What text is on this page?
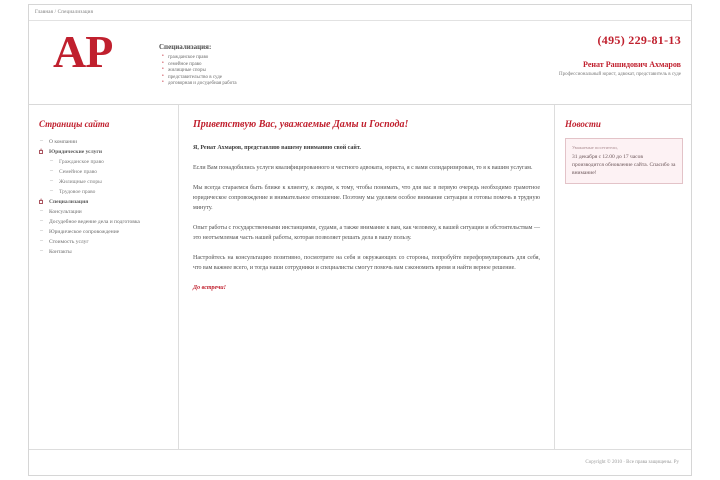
Главная / Специализация
АР	Специализация:
• гражданское право
• семейное право
• жилищные споры
• представительство в суде
• договорная и досудебная работа
(495) 229-81-13
Ренат Рашидович Ахмаров
Профессиональный юрист, адвокат, представитель в суде
Страницы сайта
– О компании
Юридические услуги +
– Гражданское право
– Семейное право
– Жилищные споры
– Трудовое право
Специализация +
– Консультации
– Досудебное ведение дела и подготовка
– Юридическое сопровождение
– Стоимость услуг
– Контакты
Приветствую Вас, уважаемые Дамы и Господа!

Я, Ренат Ахмаров, представляю вашему вниманию свой сайт.

Если Вам понадобились услуги квалифицированного и честного адвоката, юриста, я с вами солидаризирован, то я к вашим услугам.

Мы всегда стараемся быть ближе к клиенту, к людям, к тому, чтобы понимать, что для вас в первую очередь необходимо грамотное юридическое сопровождение и внимательное отношение. Поэтому мы уделяем особое внимание ситуации и готовы помочь в трудную минуту.

Опыт работы с государственными инстанциями, судами, а также внимание к вам, как человеку, к вашей ситуации и обстоятельствам — это неотъемлемая часть нашей работы, которая позволяет решать дела в вашу пользу.

Настройтесь на консультацию позитивно, посмотрите на себя и окружающих со стороны, попробуйте переформулировать для себя, что вам важнее всего, и тогда наши сотрудники и специалисты смогут помочь вам сэкономить время и найти верное решение.

До встречи!

Новости
Уважаемые посетители,
31 декабря с 12.00 до 17 часов производится обновление сайта. Спасибо за внимание!
Copyright © 2010 · Все права защищены. Ру
